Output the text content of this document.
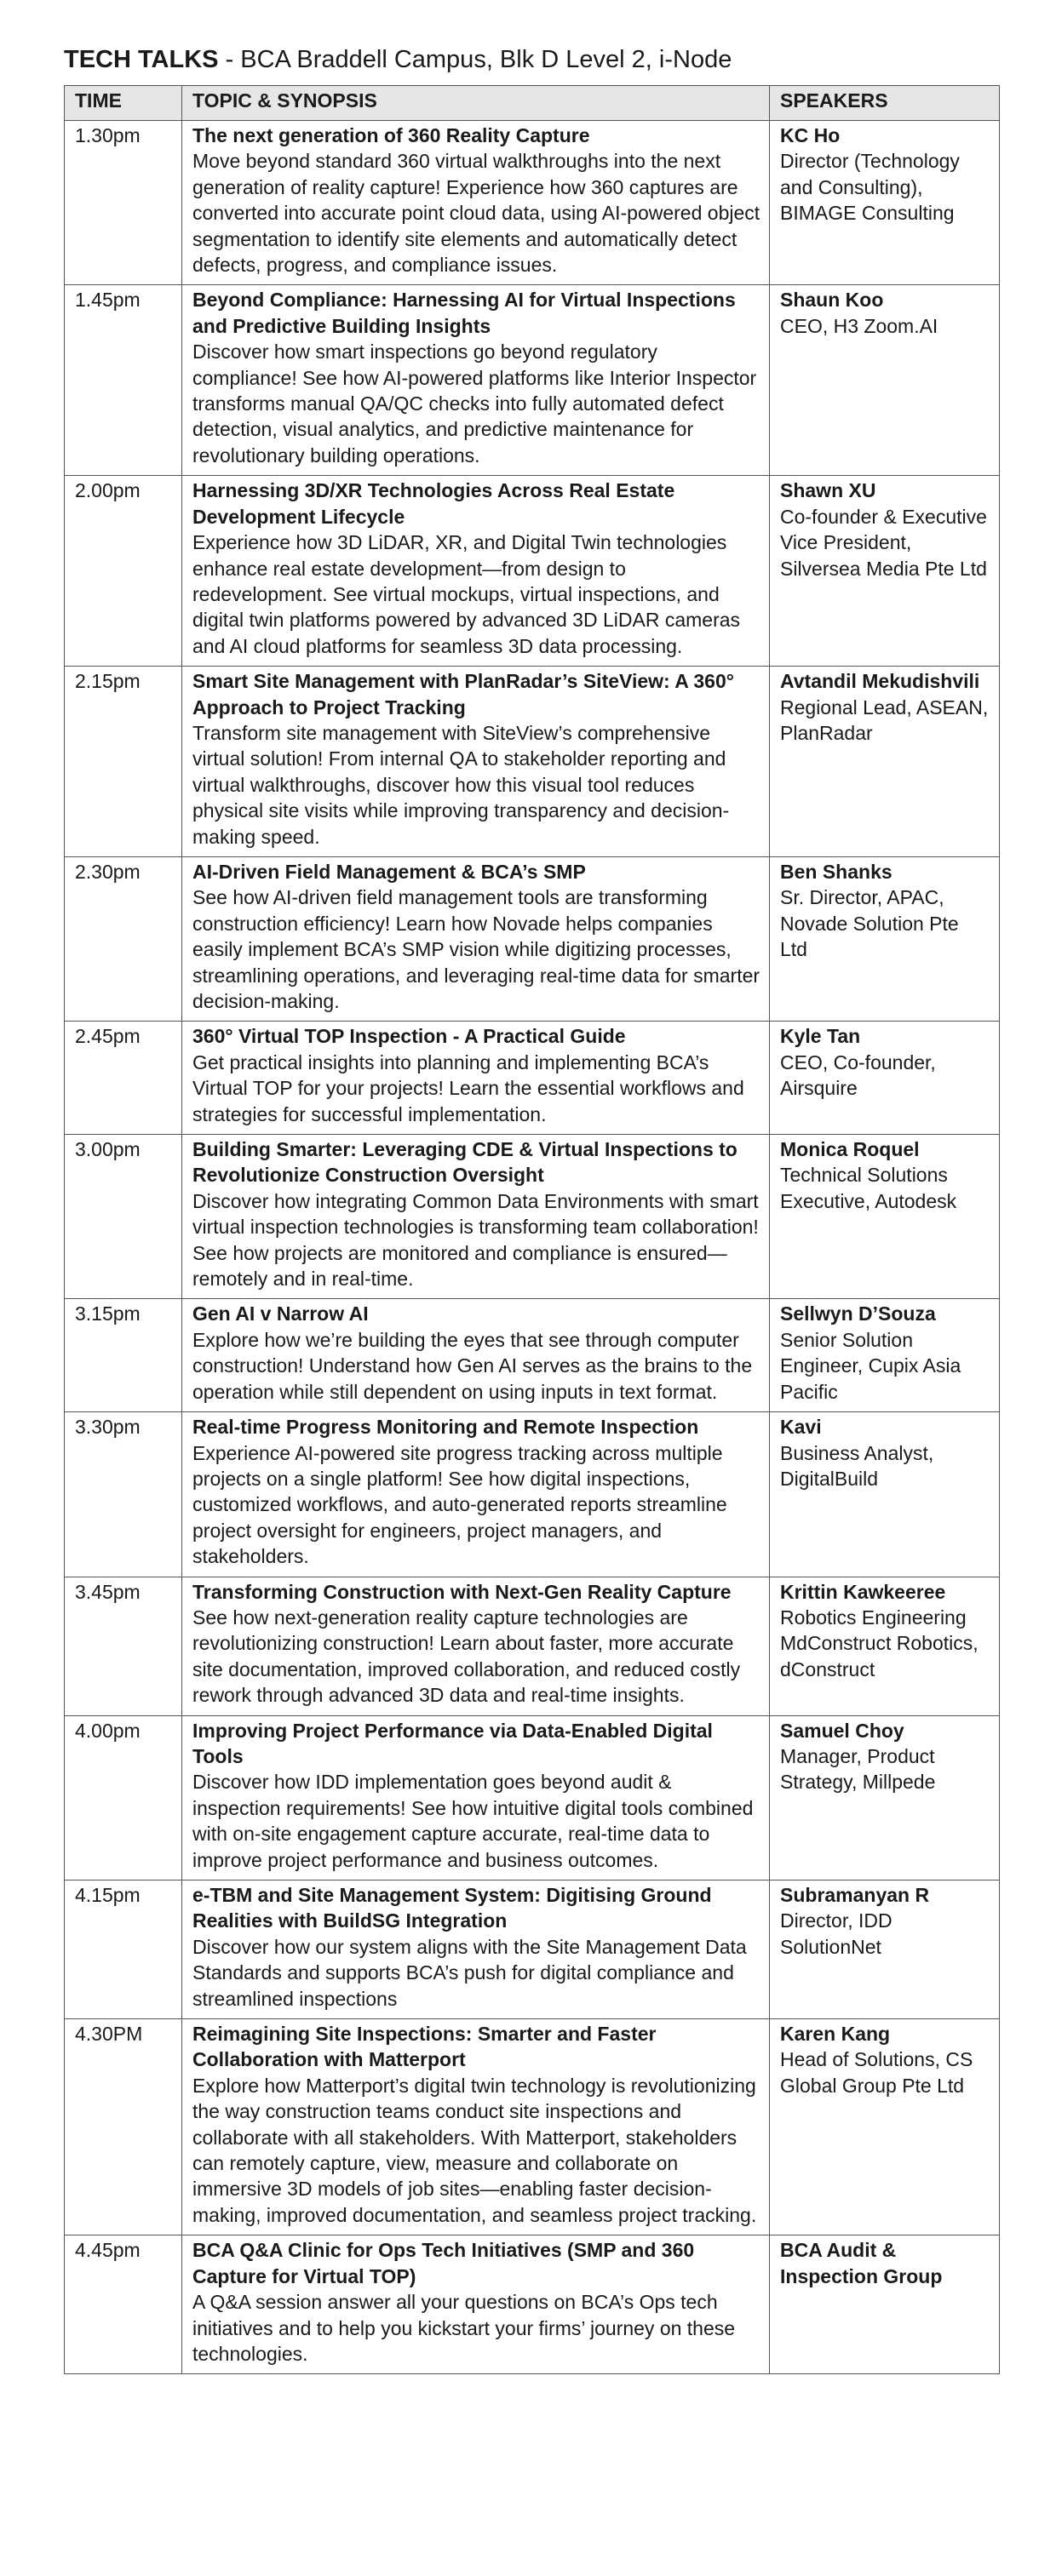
TECH TALKS - BCA Braddell Campus, Blk D Level 2, i-Node
TIME	TOPIC & SYNOPSIS	SPEAKERS
1.30pm	The next generation of 360 Reality Capture
Move beyond standard 360 virtual walkthroughs into the next generation of reality capture! Experience how 360 captures are converted into accurate point cloud data, using AI-powered object segmentation to identify site elements and automatically detect defects, progress, and compliance issues.	KC Ho
Director (Technology and Consulting), BIMAGE Consulting

1.45pm	Beyond Compliance: Harnessing AI for Virtual Inspections and Predictive Building Insights
Discover how smart inspections go beyond regulatory compliance! See how AI-powered platforms like Interior Inspector transforms manual QA/QC checks into fully automated defect detection, visual analytics, and predictive maintenance for revolutionary building operations.	Shaun Koo
CEO, H3 Zoom.AI

2.00pm	Harnessing 3D/XR Technologies Across Real Estate Development Lifecycle
Experience how 3D LiDAR, XR, and Digital Twin technologies enhance real estate development—from design to redevelopment. See virtual mockups, virtual inspections, and digital twin platforms powered by advanced 3D LiDAR cameras and AI cloud platforms for seamless 3D data processing.	Shawn XU
Co-founder & Executive Vice President, Silversea Media Pte Ltd

2.15pm	Smart Site Management with PlanRadar’s SiteView: A 360° Approach to Project Tracking
Transform site management with SiteView’s comprehensive virtual solution! From internal QA to stakeholder reporting and virtual walkthroughs, discover how this visual tool reduces physical site visits while improving transparency and decision-making speed.	Avtandil Mekudishvili
Regional Lead, ASEAN, PlanRadar

2.30pm	AI-Driven Field Management & BCA’s SMP
See how AI-driven field management tools are transforming construction efficiency! Learn how Novade helps companies easily implement BCA’s SMP vision while digitizing processes, streamlining operations, and leveraging real-time data for smarter decision-making.	Ben Shanks
Sr. Director, APAC, Novade Solution Pte Ltd

2.45pm	360° Virtual TOP Inspection - A Practical Guide
Get practical insights into planning and implementing BCA’s Virtual TOP for your projects! Learn the essential workflows and strategies for successful implementation.	Kyle Tan
CEO, Co-founder, Airsquire

3.00pm	Building Smarter: Leveraging CDE & Virtual Inspections to Revolutionize Construction Oversight
Discover how integrating Common Data Environments with smart virtual inspection technologies is transforming team collaboration! See how projects are monitored and compliance is ensured—remotely and in real-time.	Monica Roquel
Technical Solutions Executive, Autodesk

3.15pm	Gen AI v Narrow AI
Explore how we’re building the eyes that see through computer construction! Understand how Gen AI serves as the brains to the operation while still dependent on using inputs in text format.	Sellwyn D’Souza
Senior Solution Engineer, Cupix Asia Pacific

3.30pm	Real-time Progress Monitoring and Remote Inspection
Experience AI-powered site progress tracking across multiple projects on a single platform! See how digital inspections, customized workflows, and auto-generated reports streamline project oversight for engineers, project managers, and stakeholders.	Kavi
Business Analyst, DigitalBuild

3.45pm	Transforming Construction with Next-Gen Reality Capture
See how next-generation reality capture technologies are revolutionizing construction! Learn about faster, more accurate site documentation, improved collaboration, and reduced costly rework through advanced 3D data and real-time insights.	Krittin Kawkeeree
Robotics Engineering MdConstruct Robotics, dConstruct

4.00pm	Improving Project Performance via Data-Enabled Digital Tools
Discover how IDD implementation goes beyond audit & inspection requirements! See how intuitive digital tools combined with on-site engagement capture accurate, real-time data to improve project performance and business outcomes.	Samuel Choy
Manager, Product Strategy, Millpede

4.15pm	e-TBM and Site Management System: Digitising Ground Realities with BuildSG Integration
Discover how our system aligns with the Site Management Data Standards and supports BCA’s push for digital compliance and streamlined inspections	Subramanyan R
Director, IDD SolutionNet

4.30PM	Reimagining Site Inspections: Smarter and Faster Collaboration with Matterport
Explore how Matterport’s digital twin technology is revolutionizing the way construction teams conduct site inspections and collaborate with all stakeholders. With Matterport, stakeholders can remotely capture, view, measure and collaborate on immersive 3D models of job sites—enabling faster decision-making, improved documentation, and seamless project tracking.	Karen Kang
Head of Solutions, CS Global Group Pte Ltd

4.45pm	BCA Q&A Clinic for Ops Tech Initiatives (SMP and 360 Capture for Virtual TOP)
A Q&A session answer all your questions on BCA’s Ops tech initiatives and to help you kickstart your firms’ journey on these technologies.	BCA Audit & Inspection Group
